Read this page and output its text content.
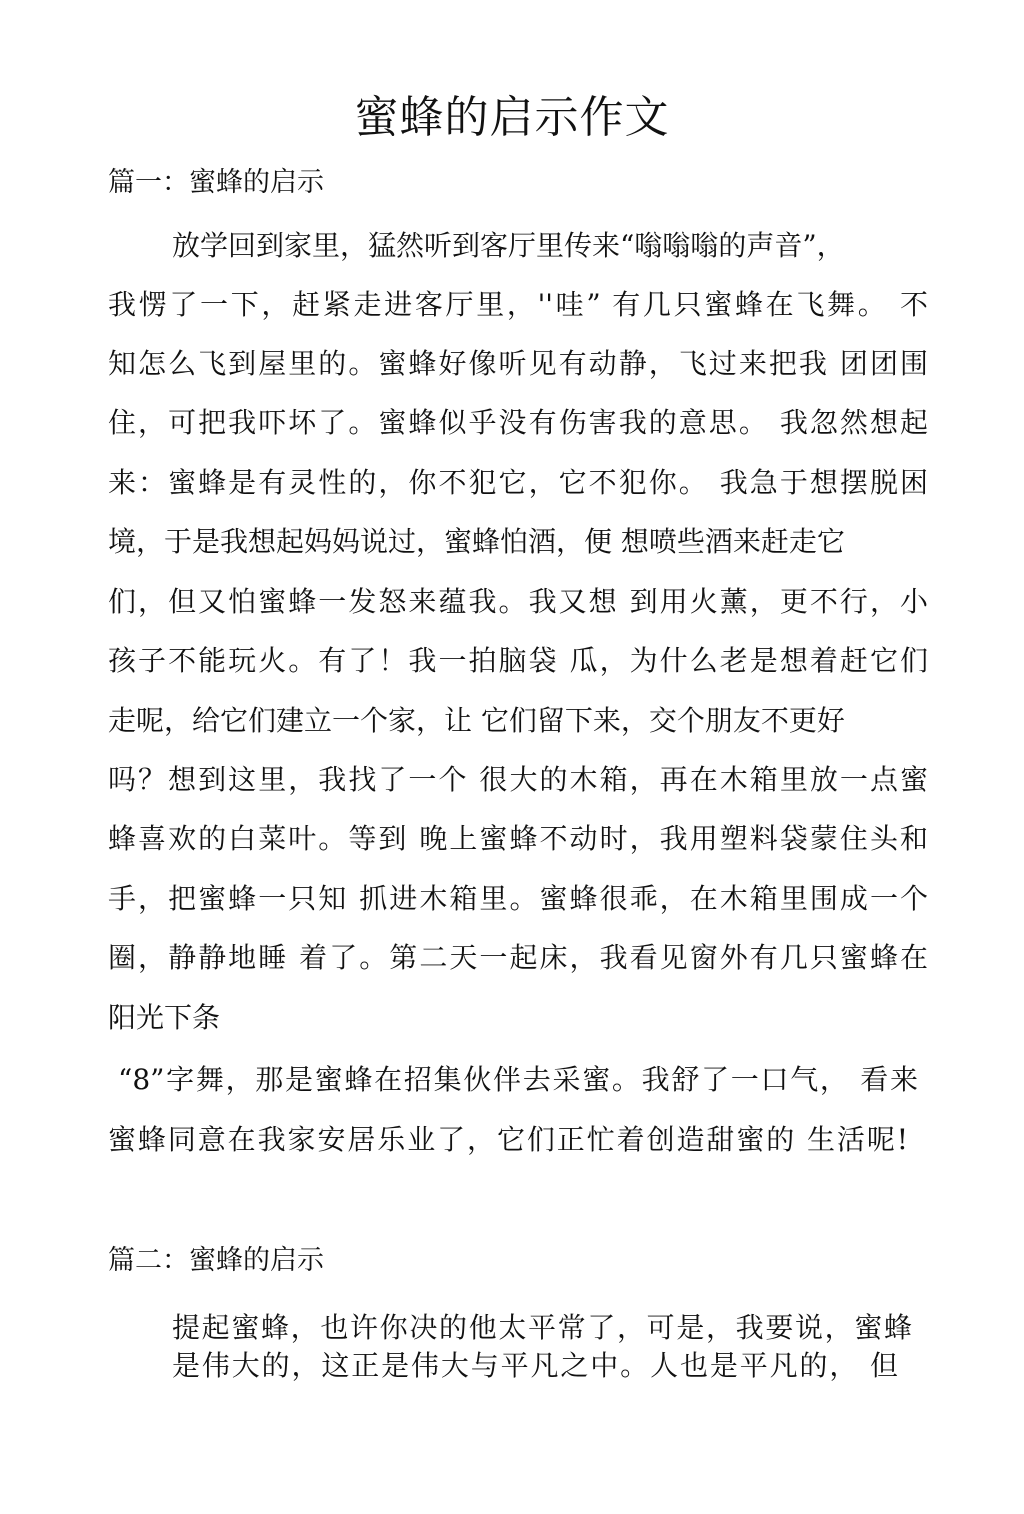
蜜蜂的启示作文
篇一：蜜蜂的启示
放学回到家里，猛然听到客厅里传来“嗡嗡嗡的声音”，
我愣了一下，赶紧走进客厅里，''哇” 有几只蜜蜂在飞舞。 不
知怎么飞到屋里的。蜜蜂好像听见有动静，飞过来把我 团团围
住，可把我吓坏了。蜜蜂似乎没有伤害我的意思。 我忽然想起
来：蜜蜂是有灵性的，你不犯它，它不犯你。 我急于想摆脱困
境，于是我想起妈妈说过，蜜蜂怕酒，便 想喷些酒来赶走它
们，但又怕蜜蜂一发怒来蕴我。我又想 到用火薰，更不行，小
孩子不能玩火。有了！我一拍脑袋 瓜，为什么老是想着赶它们
走呢，给它们建立一个家，让 它们留下来，交个朋友不更好
吗？想到这里，我找了一个 很大的木箱，再在木箱里放一点蜜
蜂喜欢的白菜叶。等到 晚上蜜蜂不动时，我用塑料袋蒙住头和
手，把蜜蜂一只知 抓进木箱里。蜜蜂很乖，在木箱里围成一个
圈，静静地睡 着了。第二天一起床，我看见窗外有几只蜜蜂在
阳光下条
“8”字舞，那是蜜蜂在招集伙伴去采蜜。我舒了一口气， 看来
蜜蜂同意在我家安居乐业了，它们正忙着创造甜蜜的 生活呢!
篇二：蜜蜂的启示
提起蜜蜂，也许你决的他太平常了，可是，我要说，蜜蜂
是伟大的，这正是伟大与平凡之中。人也是平凡的， 但
